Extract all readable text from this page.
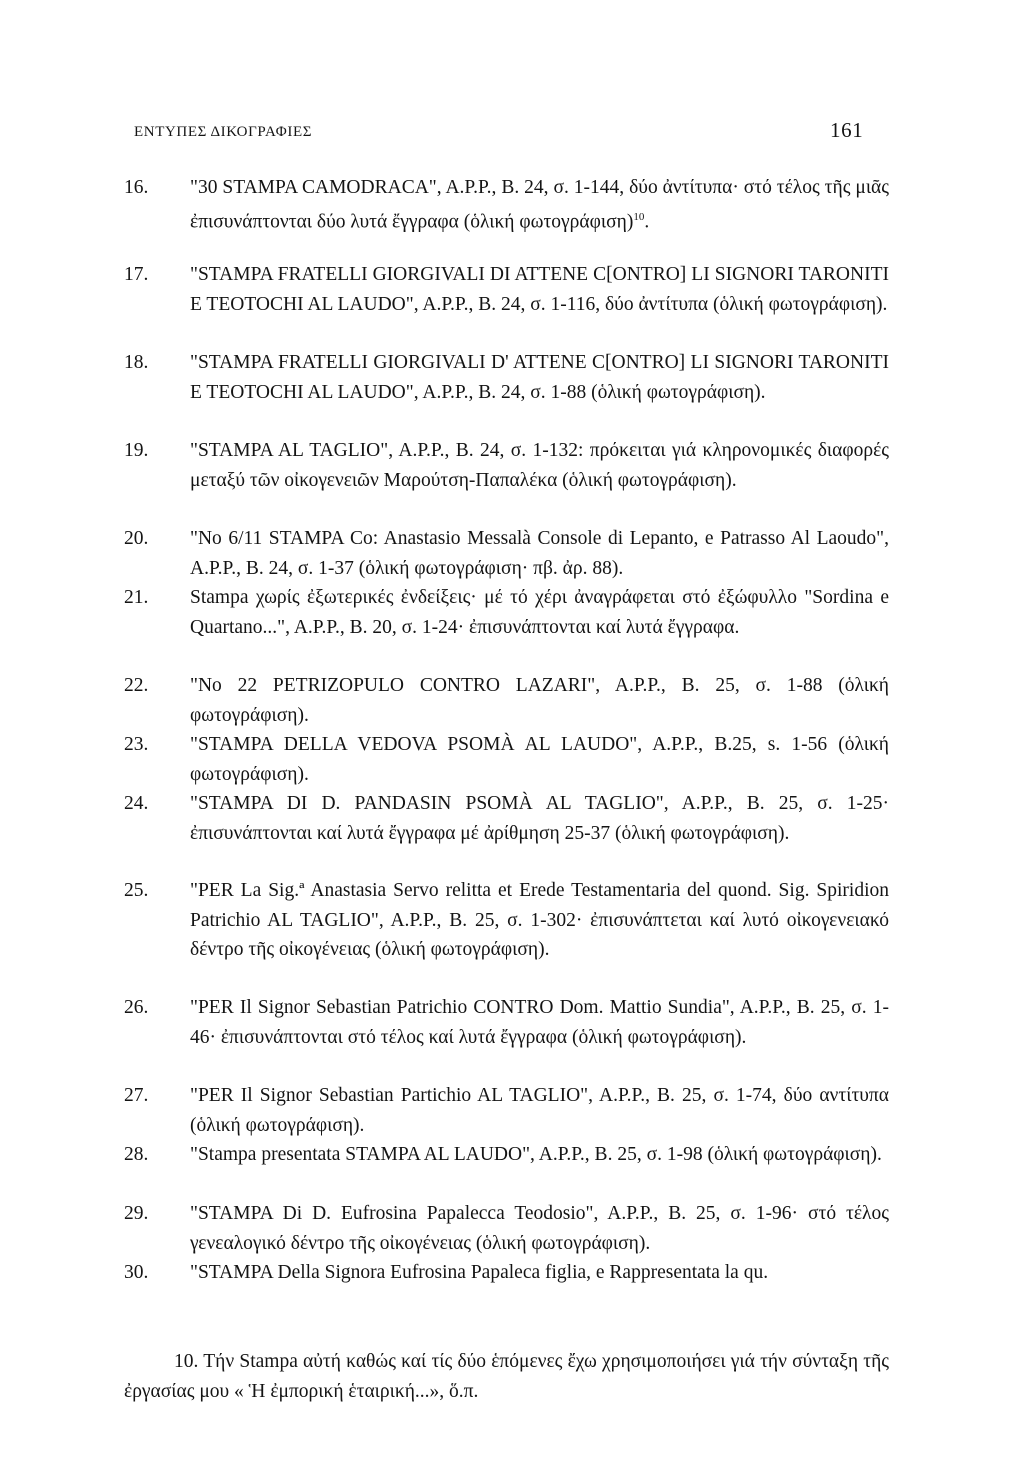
ΕΝΤΥΠΕΣ ΔΙΚΟΓΡΑΦΙΕΣ	161
16.	"30 STAMPA CAMODRACA", A.P.P., B. 24, σ. 1-144, δύο ἀντίτυπα· στό τέλος τῆς μιᾶς ἐπισυνάπτονται δύο λυτά ἔγγραφα (ὁλική φωτογράφιση)$^{10}$.
17.	"STAMPA FRATELLI GIORGIVALI DI ATTENE C[ONTRO] LI SIGNORI TARONITI E TEOTOCHI AL LAUDO", A.P.P., B. 24, σ. 1-116, δύο ἀντίτυπα (ὁλική φωτογράφιση).
18.	"STAMPA FRATELLI GIORGIVALI D' ATTENE C[ONTRO] LI SIGNORI TARONITI E TEOTOCHI AL LAUDO", A.P.P., B. 24, σ. 1-88 (ὁλική φωτογράφιση).
19.	"STAMPA AL TAGLIO", A.P.P., B. 24, σ. 1-132: πρόκειται γιά κληρονομικές διαφορές μεταξύ τῶν οἰκογενειῶν Μαρούτση-Παπαλέκα (ὁλική φωτογράφιση).
20.	"No 6/11 STAMPA Co: Anastasio Messalà Console di Lepanto, e Patrasso Al Laoudo", A.P.P., B. 24, σ. 1-37 (ὁλική φωτογράφιση· πβ. ἀρ. 88).
21.	Stampa χωρίς ἐξωτερικές ἐνδείξεις· μέ τό χέρι ἀναγράφεται στό ἐξώφυλλο "Sordina e Quartano...", A.P.P., B. 20, σ. 1-24· ἐπισυνάπτονται καί λυτά ἔγγραφα.
22.	"No 22 PETRIZOPULO CONTRO LAZARI", A.P.P., B. 25, σ. 1-88 (ὁλική φωτογράφιση).
23.	"STAMPA DELLA VEDOVA PSOMÀ AL LAUDO", A.P.P., B.25, s. 1-56 (ὁλική φωτογράφιση).
24.	"STAMPA DI D. PANDASIN PSOMÀ AL TAGLIO", A.P.P., B. 25, σ. 1-25· ἐπισυνάπτονται καί λυτά ἔγγραφα μέ ἀρίθμηση 25-37 (ὁλική φωτογράφιση).
25.	"PER La Sig.ª Anastasia Servo relitta et Erede Testamentaria del quond. Sig. Spiridion Patrichio AL TAGLIO", A.P.P., B. 25, σ. 1-302· ἐπισυνάπτεται καί λυτό οἰκογενειακό δέντρο τῆς οἰκογένειας (ὁλική φωτογράφιση).
26.	"PER Il Signor Sebastian Patrichio CONTRO Dom. Mattio Sundia", A.P.P., B. 25, σ. 1-46· ἐπισυνάπτονται στό τέλος καί λυτά ἔγγραφα (ὁλική φωτογράφιση).
27.	"PER Il Signor Sebastian Partichio AL TAGLIO", A.P.P., B. 25, σ. 1-74, δύο αντίτυπα (ὁλική φωτογράφιση).
28.	"Stampa presentata STAMPA AL LAUDO", A.P.P., B. 25, σ. 1-98 (ὁλική φωτογράφιση).
29.	"STAMPA Di D. Eufrosina Papalecca Teodosio", A.P.P., B. 25, σ. 1-96· στό τέλος γενεαλογικό δέντρο τῆς οἰκογένειας (ὁλική φωτογράφιση).
30.	"STAMPA Della Signora Eufrosina Papaleca figlia, e Rappresentata la qu.
10. Τήν Stampa αὐτή καθώς καί τίς δύο ἑπόμενες ἔχω χρησιμοποιήσει γιά τήν σύνταξη τῆς ἐργασίας μου « Ἡ ἐμπορική ἑταιρική...», ὅ.π.
